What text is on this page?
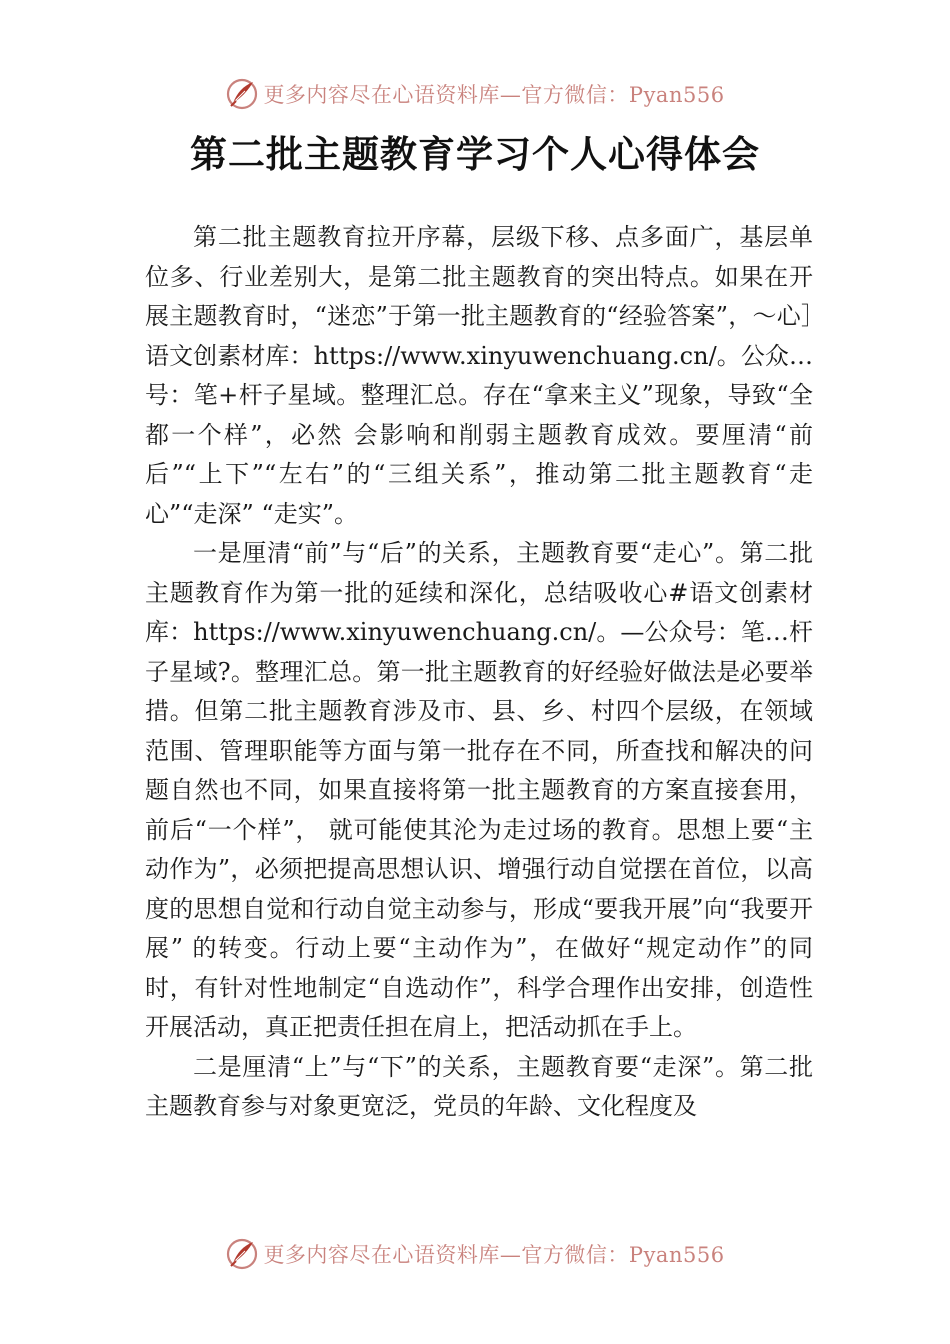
更多内容尽在心语资料库—官方微信：Pyan556
第二批主题教育学习个人心得体会

第二批主题教育拉开序幕，层级下移、点多面广，基层单位多、行业差别大，是第二批主题教育的突出特点。如果在开展主题教育时，“迷恋”于第一批主题教育的“经验答案”，～心］语文创素材库：https://www.xinyuwenchuang.cn/。公众…号：笔+杆子星域。整理汇总。存在“拿来主义”现象，导致“全都一个样”，必然 会影响和削弱主题教育成效。要厘清“前后”“上下”“左右”的“三组关系”，推动第二批主题教育“走心”“走深” “走实”。

一是厘清“前”与“后”的关系，主题教育要“走心”。第二批主题教育作为第一批的延续和深化，总结吸收心#语文创素材库：https://www.xinyuwenchuang.cn/。—公众号：笔…杆子星域?。整理汇总。第一批主题教育的好经验好做法是必要举措。但第二批主题教育涉及市、县、乡、村四个层级，在领域范围、管理职能等方面与第一批存在不同，所查找和解决的问题自然也不同，如果直接将第一批主题教育的方案直接套用，前后“一个样”， 就可能使其沦为走过场的教育。思想上要“主动作为”，必须把提高思想认识、增强行动自觉摆在首位，以高度的思想自觉和行动自觉主动参与，形成“要我开展”向“我要开展” 的转变。行动上要“主动作为”，在做好“规定动作”的同时，有针对性地制定“自选动作”，科学合理作出安排，创造性开展活动，真正把责任担在肩上，把活动抓在手上。

二是厘清“上”与“下”的关系，主题教育要“走深”。第二批主题教育参与对象更宽泛，党员的年龄、文化程度及

更多内容尽在心语资料库—官方微信：Pyan556
